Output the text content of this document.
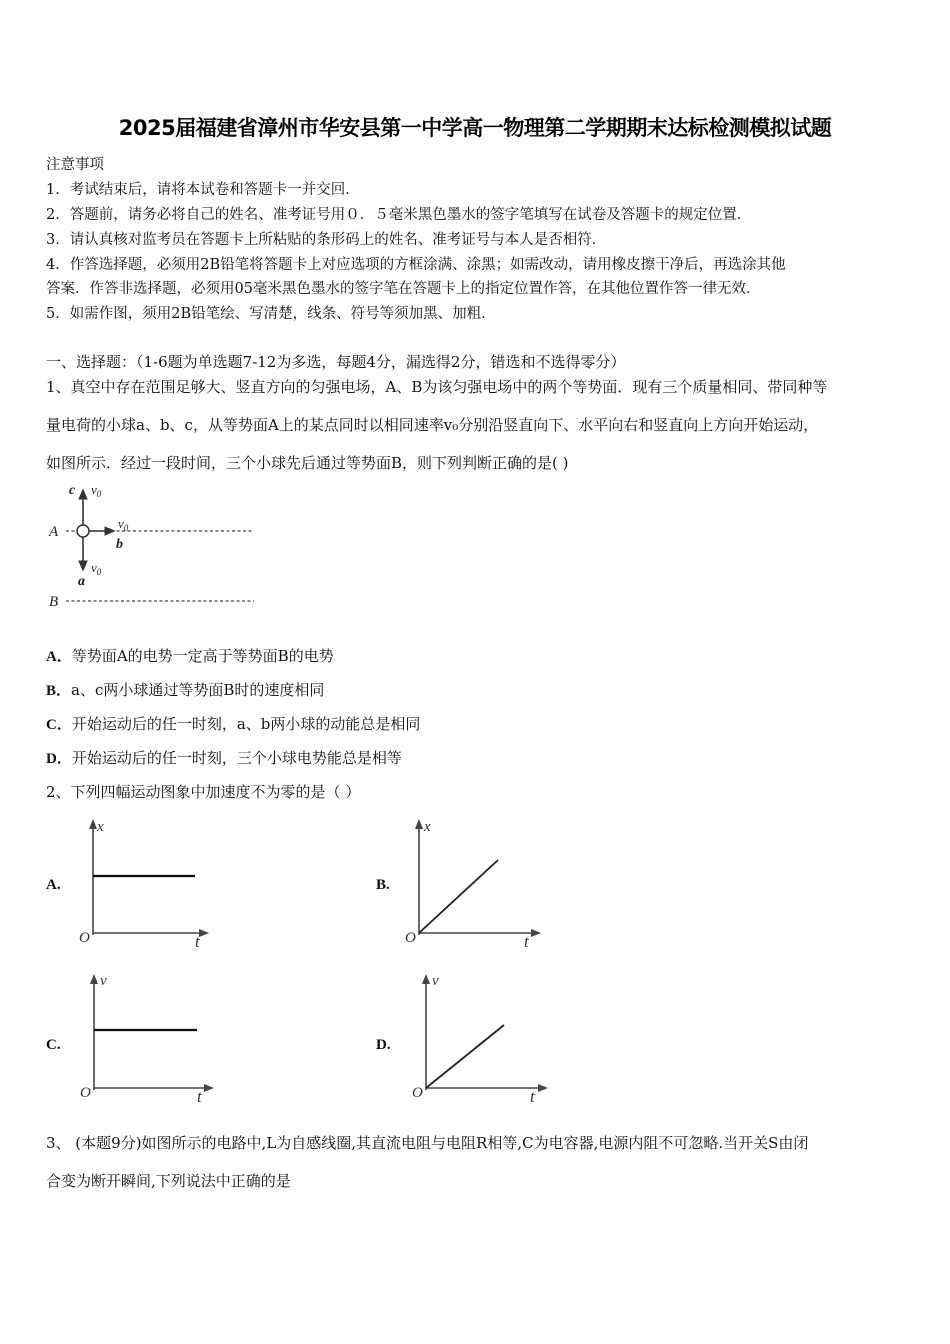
2025届福建省漳州市华安县第一中学高一物理第二学期期末达标检测模拟试题
注意事项
1．考试结束后，请将本试卷和答题卡一并交回．
2．答题前，请务必将自己的姓名、准考证号用０．５毫米黑色墨水的签字笔填写在试卷及答题卡的规定位置．
3．请认真核对监考员在答题卡上所粘贴的条形码上的姓名、准考证号与本人是否相符．
4．作答选择题，必须用2B铅笔将答题卡上对应选项的方框涂满、涂黑；如需改动，请用橡皮擦干净后，再选涂其他
答案．作答非选择题，必须用05毫米黑色墨水的签字笔在答题卡上的指定位置作答，在其他位置作答一律无效．
5．如需作图，须用2B铅笔绘、写清楚，线条、符号等须加黑、加粗．
一、选择题：（1-6题为单选题7-12为多选，每题4分，漏选得2分，错选和不选得零分）
1、真空中存在范围足够大、竖直方向的匀强电场，A、B为该匀强电场中的两个等势面．现有三个质量相同、带同种等
量电荷的小球a、b、c，从等势面A上的某点同时以相同速率v₀分别沿竖直向下、水平向右和竖直向上方向开始运动，
如图所示．经过一段时间，三个小球先后通过等势面B，则下列判断正确的是( )
A
B
c $v_0$
$v_0$
b
$v_0$
a
A．等势面A的电势一定高于等势面B的电势
B．a、c两小球通过等势面B时的速度相同
C．开始运动后的任一时刻，a、b两小球的动能总是相同
D．开始运动后的任一时刻，三个小球电势能总是相等
2、下列四幅运动图象中加速度不为零的是（ ）
A.
x
O	t
B.
x
O	t
C.
v
O	t
D.
v
O	t
3、 (本题9分)如图所示的电路中,L为自感线圈,其直流电阻与电阻R相等,C为电容器,电源内阻不可忽略.当开关S由闭
合变为断开瞬间,下列说法中正确的是
